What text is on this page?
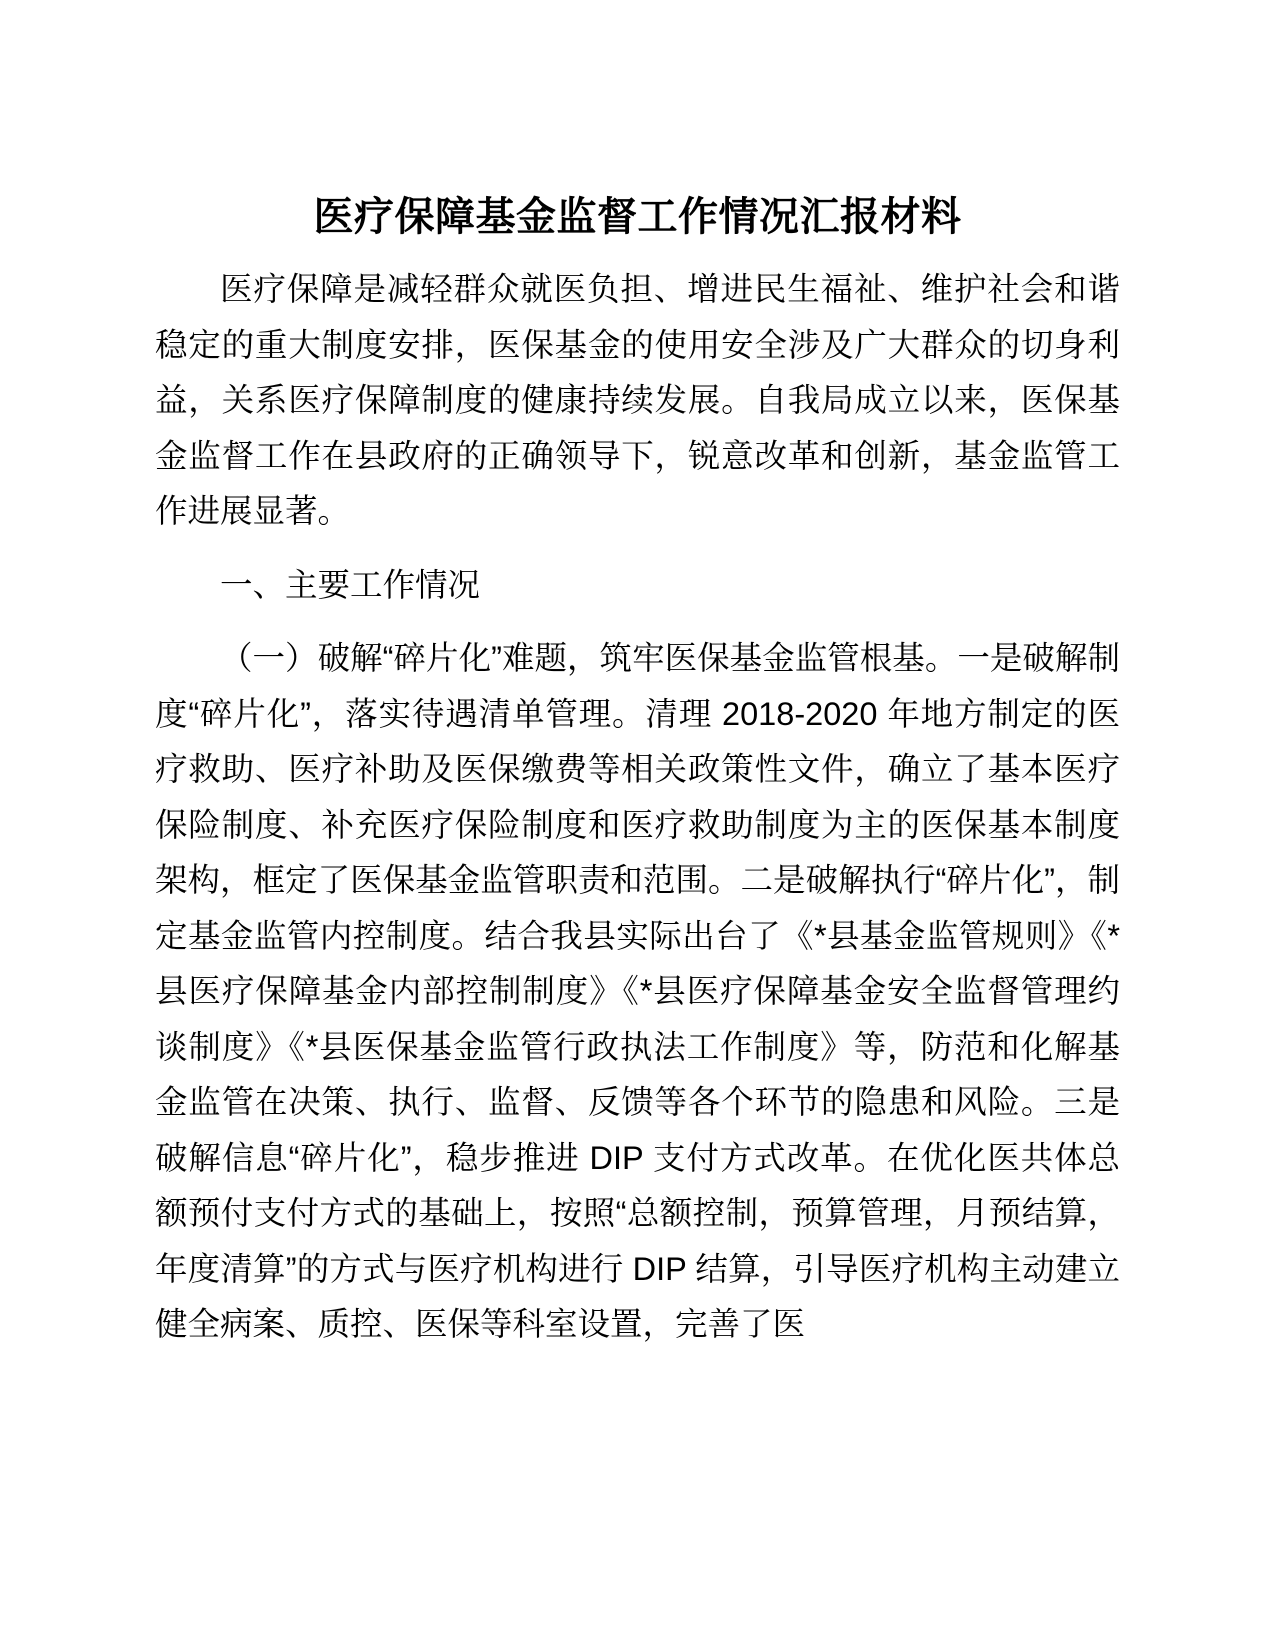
医疗保障基金监督工作情况汇报材料

医疗保障是减轻群众就医负担、增进民生福祉、维护社会和谐稳定的重大制度安排，医保基金的使用安全涉及广大群众的切身利益，关系医疗保障制度的健康持续发展。自我局成立以来，医保基金监督工作在县政府的正确领导下，锐意改革和创新，基金监管工作进展显著。

一、主要工作情况

（一）破解“碎片化”难题，筑牢医保基金监管根基。一是破解制度“碎片化”，落实待遇清单管理。清理 2018-2020 年地方制定的医疗救助、医疗补助及医保缴费等相关政策性文件，确立了基本医疗保险制度、补充医疗保险制度和医疗救助制度为主的医保基本制度架构，框定了医保基金监管职责和范围。二是破解执行“碎片化”，制定基金监管内控制度。结合我县实际出台了《*县基金监管规则》《*县医疗保障基金内部控制制度》《*县医疗保障基金安全监督管理约谈制度》《*县医保基金监管行政执法工作制度》等，防范和化解基金监管在决策、执行、监督、反馈等各个环节的隐患和风险。三是破解信息“碎片化”，稳步推进 DIP 支付方式改革。在优化医共体总额预付支付方式的基础上，按照“总额控制，预算管理，月预结算，年度清算”的方式与医疗机构进行 DIP 结算，引导医疗机构主动建立健全病案、质控、医保等科室设置，完善了医
